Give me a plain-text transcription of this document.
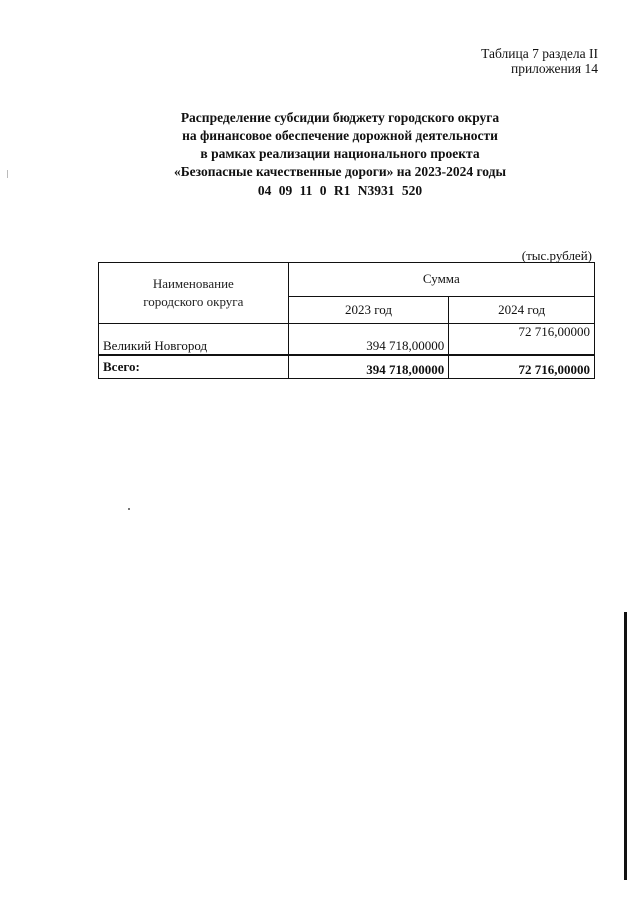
Таблица 7 раздела II
приложения 14
Распределение субсидии бюджету городского округа
на финансовое обеспечение дорожной деятельности
в рамках реализации национального проекта
«Безопасные качественные дороги» на 2023-2024 годы
04 09 11 0 R1 N3931 520
(тыс.рублей)
Наименование
городского округа	Сумма	
	2023 год	2024 год
Великий Новгород	394 718,00000	72 716,00000
Всего:	394 718,00000	72 716,00000
